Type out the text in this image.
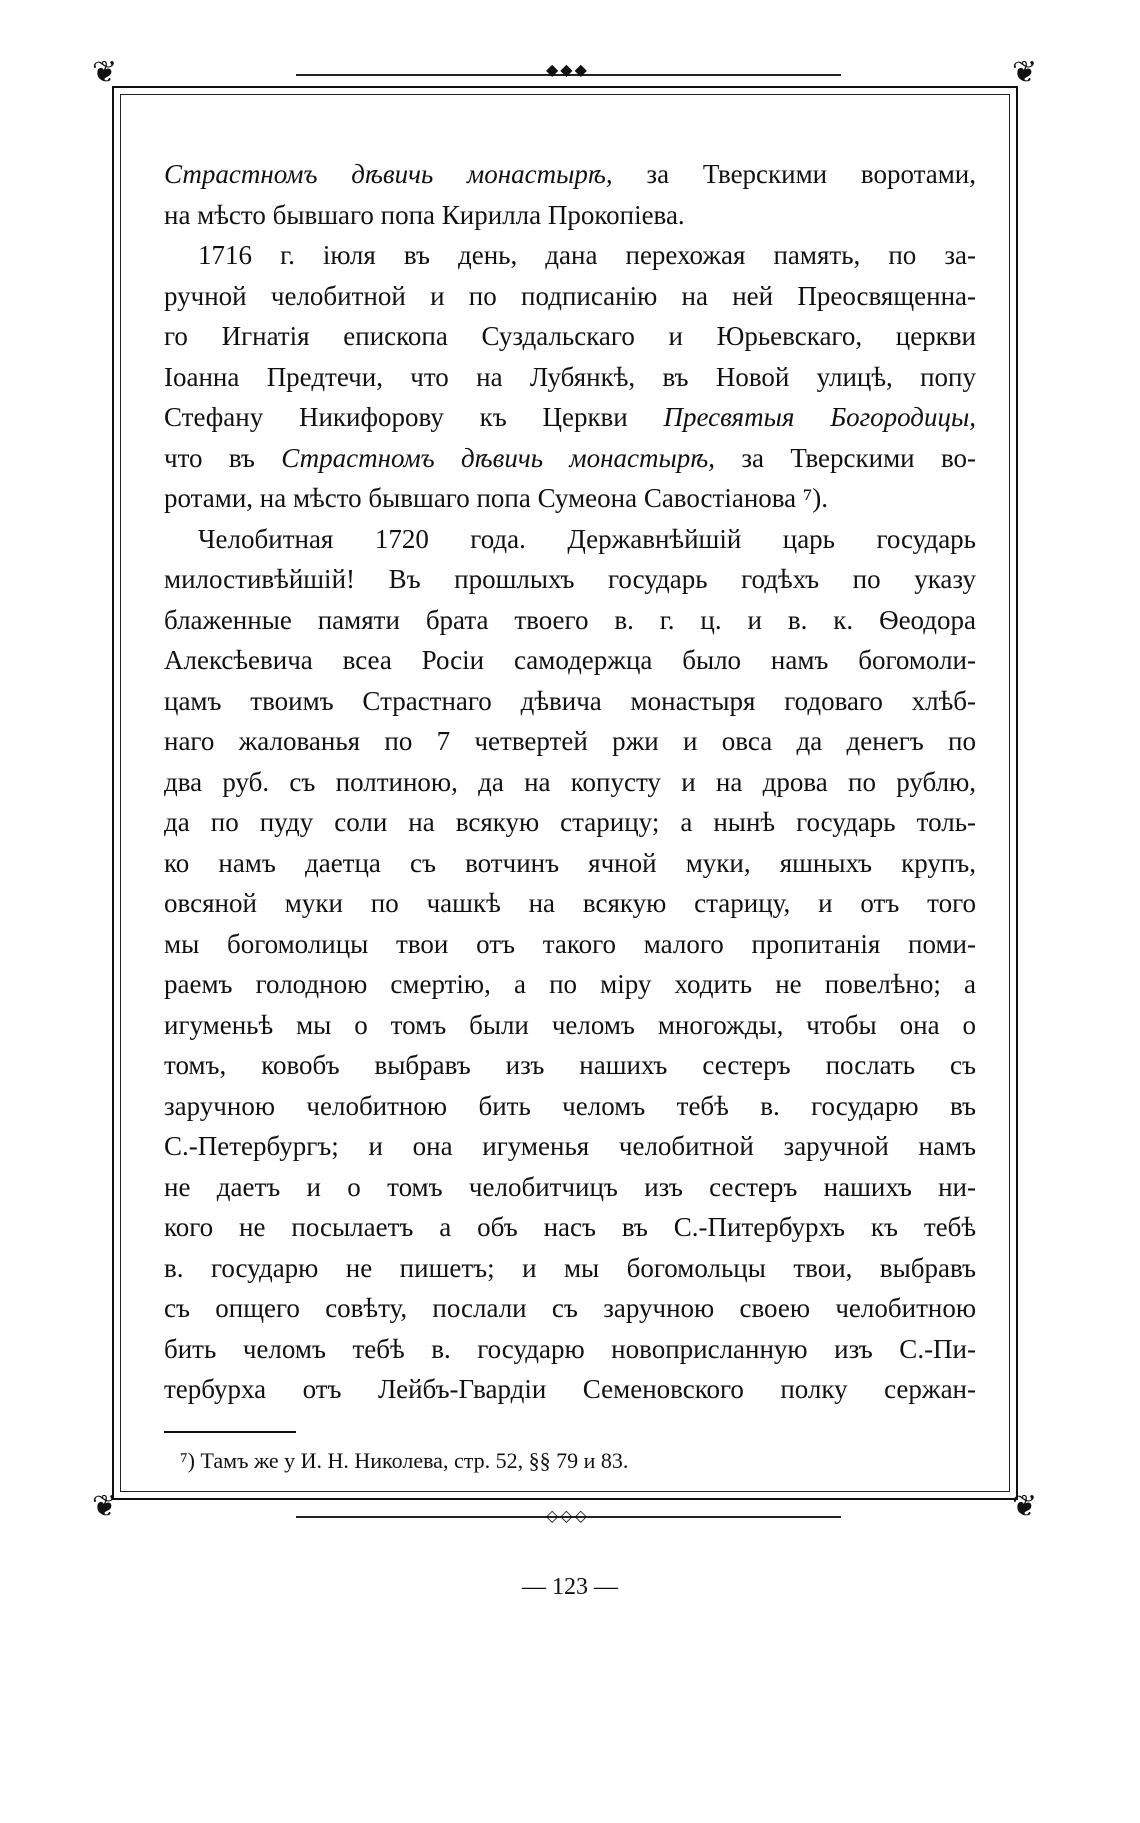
❦	❦
❦	❦
◆◆◆
◇◇◇
Страстномъ дѣвичь монастырѣ, за Тверскими воротами,
на мѣсто бывшаго попа Кирилла Прокопіева.
1716 г. іюля въ день, дана перехожая память, по за-
ручной челобитной и по подписанію на ней Преосвященна-
го Игнатія епископа Суздальскаго и Юрьевскаго, церкви
Іоанна Предтечи, что на Лубянкѣ, въ Новой улицѣ, попу
Стефану Никифорову къ Церкви Пресвятыя Богородицы,
что въ Страстномъ дѣвичь монастырѣ, за Тверскими во-
ротами, на мѣсто бывшаго попа Сумеона Савостіанова ⁷).
Челобитная 1720 года. Державнѣйшій царь государь
милостивѣйшій! Въ прошлыхъ государь годѣхъ по указу
блаженные памяти брата твоего в. г. ц. и в. к. Ѳеодора
Алексѣевича всеа Росіи самодержца было намъ богомоли-
цамъ твоимъ Страстнаго дѣвича монастыря годоваго хлѣб-
наго жалованья по 7 четвертей ржи и овса да денегъ по
два руб. съ полтиною, да на копусту и на дрова по рублю,
да по пуду соли на всякую старицу; а нынѣ государь толь-
ко намъ даетца съ вотчинъ ячной муки, яшныхъ крупъ,
овсяной муки по чашкѣ на всякую старицу, и отъ того
мы богомолицы твои отъ такого малого пропитанія поми-
раемъ голодною смертію, а по міру ходить не повелѣно; а
игуменьѣ мы о томъ были челомъ многожды, чтобы она о
томъ, ковобъ выбравъ изъ нашихъ сестеръ послать съ
заручною челобитною бить челомъ тебѣ в. государю въ
С.-Петербургъ; и она игуменья челобитной заручной намъ
не даетъ и о томъ челобитчицъ изъ сестеръ нашихъ ни-
кого не посылаетъ а объ насъ въ С.-Питербурхъ къ тебѣ
в. государю не пишетъ; и мы богомольцы твои, выбравъ
съ опщего совѣту, послали съ заручною своею челобитною
бить челомъ тебѣ в. государю новоприсланную изъ С.-Пи-
тербурха отъ Лейбъ-Гвардіи Семеновского полку сержан-
⁷) Тамъ же у И. Н. Николева, стр. 52, §§ 79 и 83.
— 123 —
